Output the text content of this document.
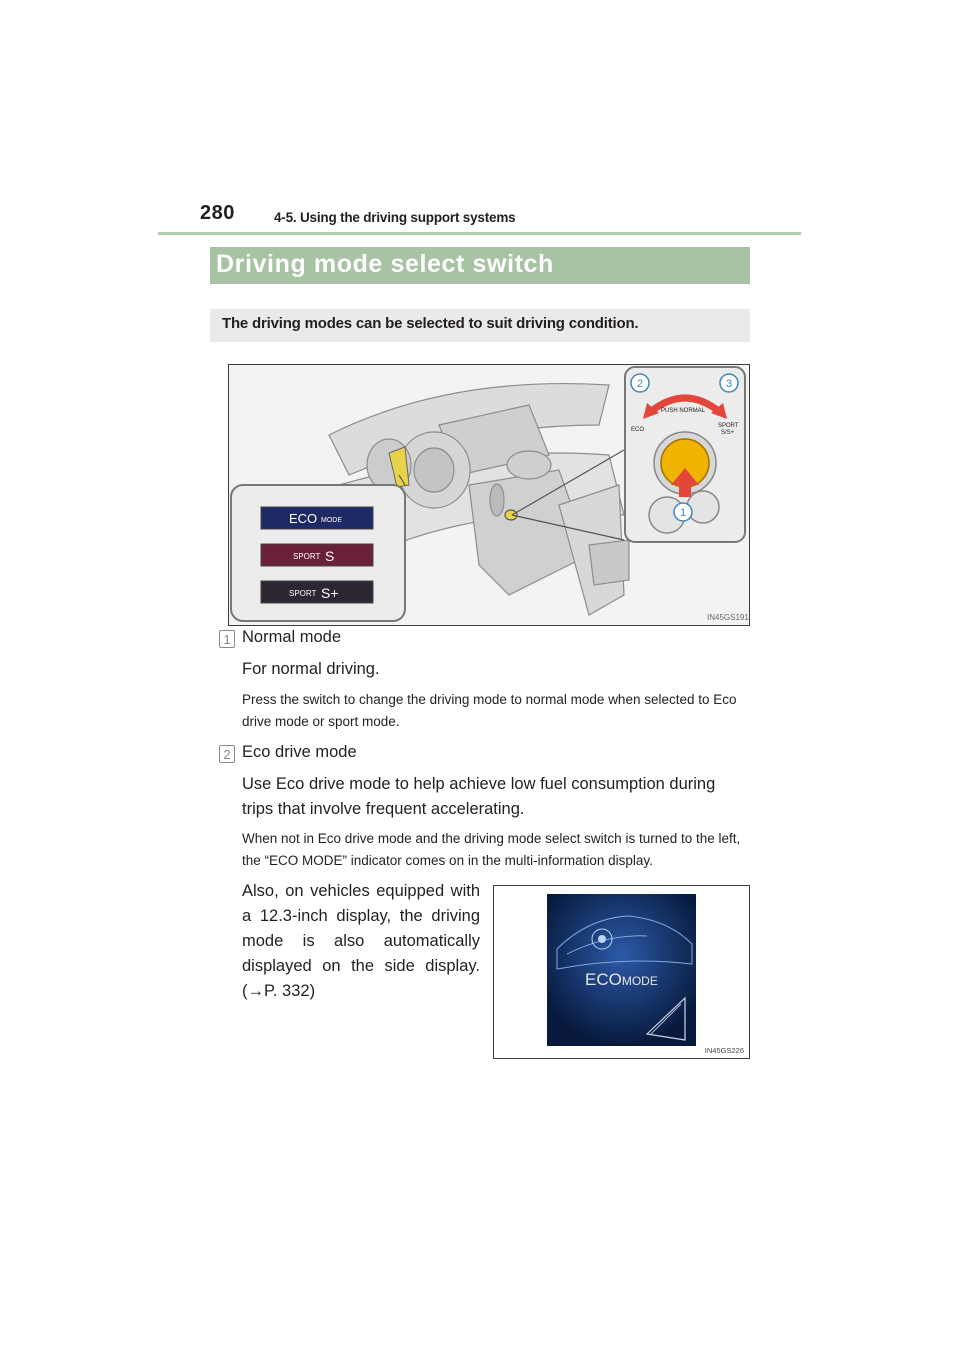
280	4-5. Using the driving support systems
Driving mode select switch
The driving modes can be selected to suit driving condition.
PUSH NORMAL
ECO
SPORT
S/S+
2	3
1
ECO MODE
SPORT S
SPORT S+
IN45GS191
1 Normal mode
For normal driving.
Press the switch to change the driving mode to normal mode when selected to Eco drive mode or sport mode.
2 Eco drive mode
Use Eco drive mode to help achieve low fuel consumption during trips that involve frequent accelerating.
When not in Eco drive mode and the driving mode select switch is turned to the left, the “ECO MODE” indicator comes on in the multi-information display.
Also, on vehicles equipped with a 12.3-inch display, the driving mode is also automatically displayed on the side display. (→P. 332)
ECOMODE
IN45GS226
